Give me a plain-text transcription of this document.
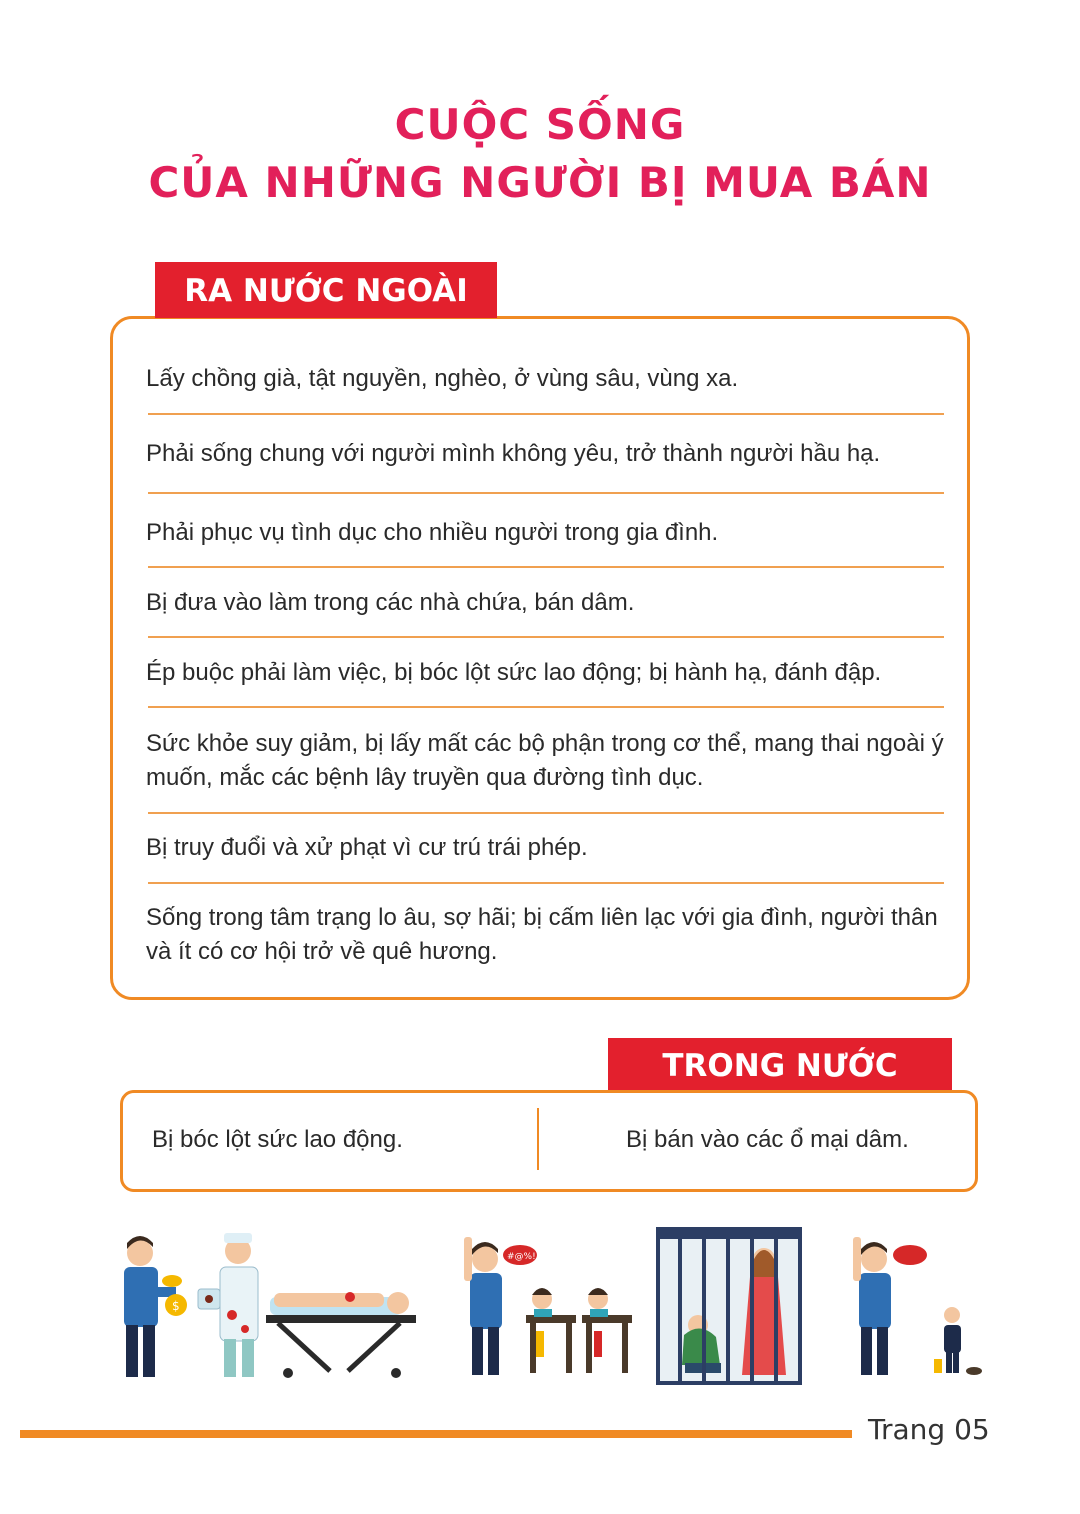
CUỘC SỐNG
CỦA NHỮNG NGƯỜI BỊ MUA BÁN
RA NƯỚC NGOÀI
Lấy chồng già, tật nguyền, nghèo, ở vùng sâu, vùng xa.
Phải sống chung với người mình không yêu, trở thành người hầu hạ.
Phải phục vụ tình dục cho nhiều người trong gia đình.
Bị đưa vào làm trong các nhà chứa, bán dâm.
Ép buộc phải làm việc, bị bóc lột sức lao động; bị hành hạ, đánh đập.
Sức khỏe suy giảm, bị lấy mất các bộ phận trong cơ thể, mang thai ngoài ý muốn, mắc các bệnh lây truyền qua đường tình dục.
Bị truy đuổi và xử phạt vì cư trú trái phép.
Sống trong tâm trạng lo âu, sợ hãi; bị cấm liên lạc với gia đình, người thân và ít có cơ hội trở về quê hương.
TRONG NƯỚC
Bị bóc lột sức lao động.	Bị bán vào các ổ mại dâm.
$
#@%!
Trang 05
